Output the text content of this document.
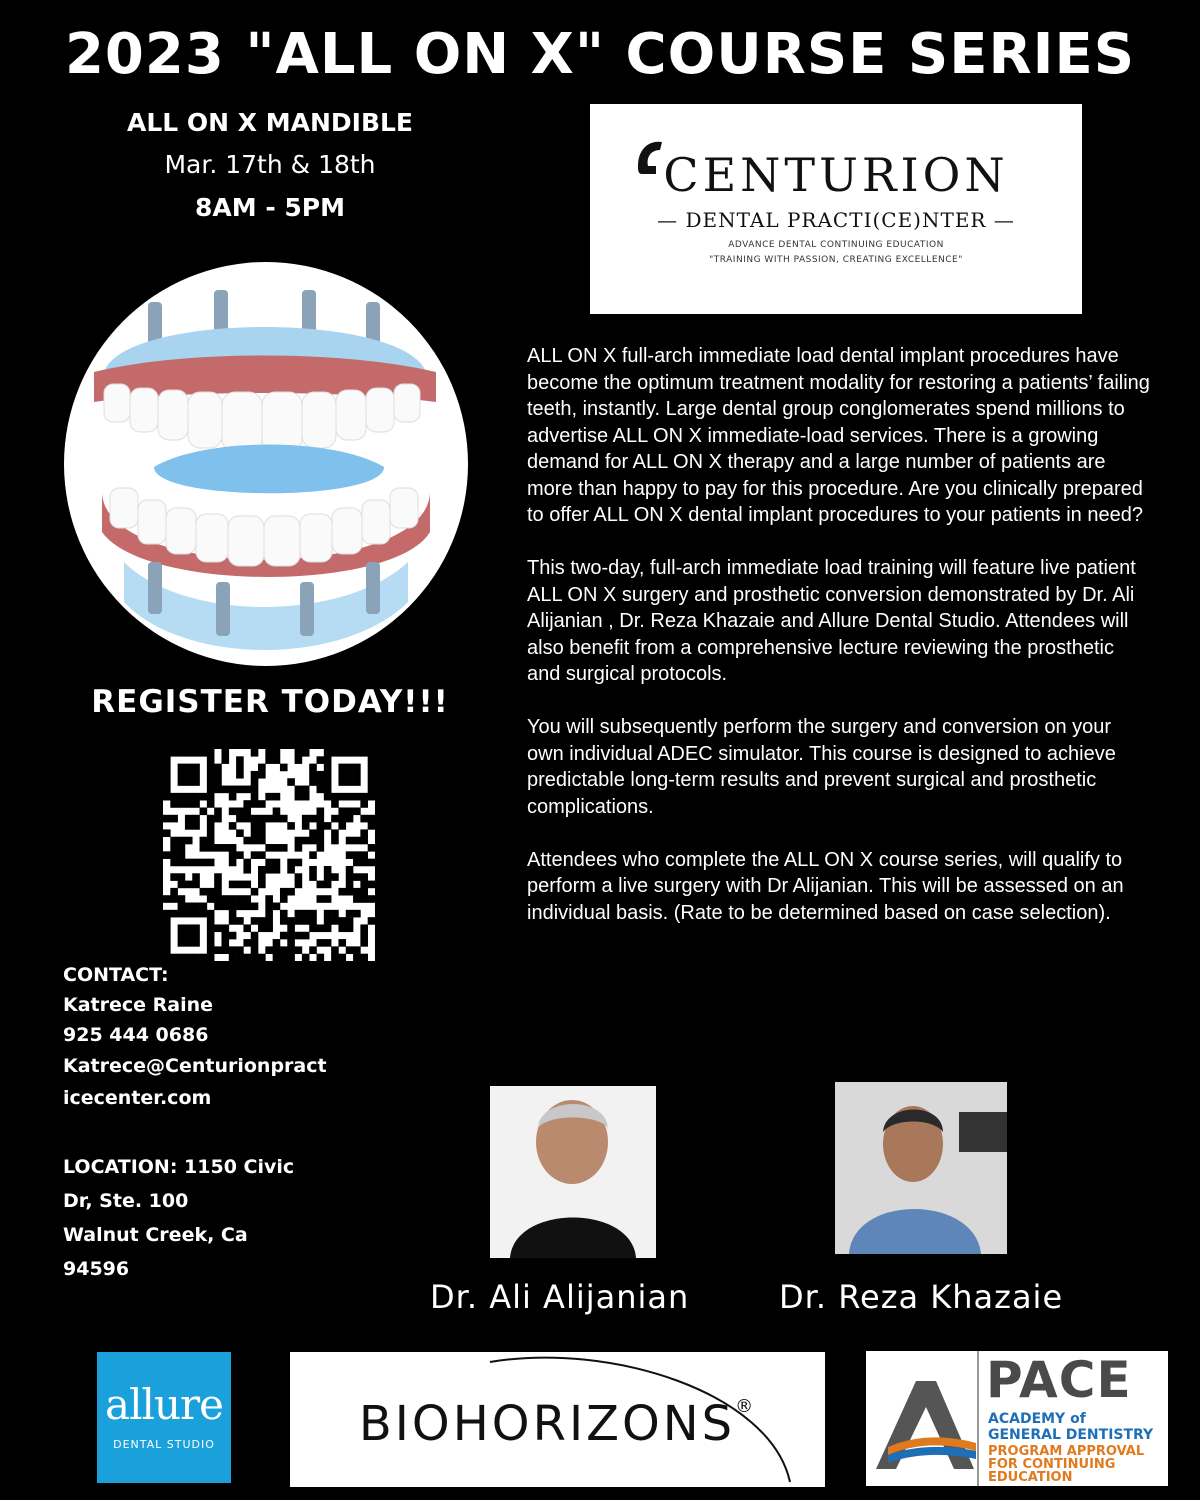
2023 "ALL ON X" COURSE SERIES
ALL ON X MANDIBLE
Mar. 17th & 18th
8AM - 5PM
CENTURION
— DENTAL PRACTI(CE)NTER —
ADVANCE DENTAL CONTINUING EDUCATION
"TRAINING WITH PASSION, CREATING EXCELLENCE"

ALL ON X full-arch immediate load dental implant procedures have become the optimum treatment modality for restoring a patients’ failing teeth, instantly. Large dental group conglomerates spend millions to advertise ALL ON X immediate-load services. There is a growing demand for ALL ON X therapy and a large number of patients are more than happy to pay for this procedure. Are you clinically prepared to offer ALL ON X dental implant procedures to your patients in need?

This two-day, full-arch immediate load training will feature live patient ALL ON X surgery and prosthetic conversion demonstrated by Dr. Ali Alijanian , Dr. Reza Khazaie and Allure Dental Studio. Attendees will also benefit from a comprehensive lecture reviewing the prosthetic and surgical protocols.

You will subsequently perform the surgery and conversion on your own individual ADEC simulator. This course is designed to achieve predictable long-term results and prevent surgical and prosthetic complications.

Attendees who complete the ALL ON X course series, will qualify to perform a live surgery with Dr Alijanian. This will be assessed on an individual basis. (Rate to be determined based on case selection).

REGISTER TODAY!!!
CONTACT:
Katrece Raine
925 444 0686
Katrece@Centurionpract
icecenter.com
LOCATION: 1150 Civic
Dr, Ste. 100
Walnut Creek, Ca
94596
Dr. Ali Alijanian	Dr. Reza Khazaie
allure
DENTAL STUDIO	BIOHORIZONS®	PACE
ACADEMY of
GENERAL DENTISTRY
PROGRAM APPROVAL
FOR CONTINUING
EDUCATION
